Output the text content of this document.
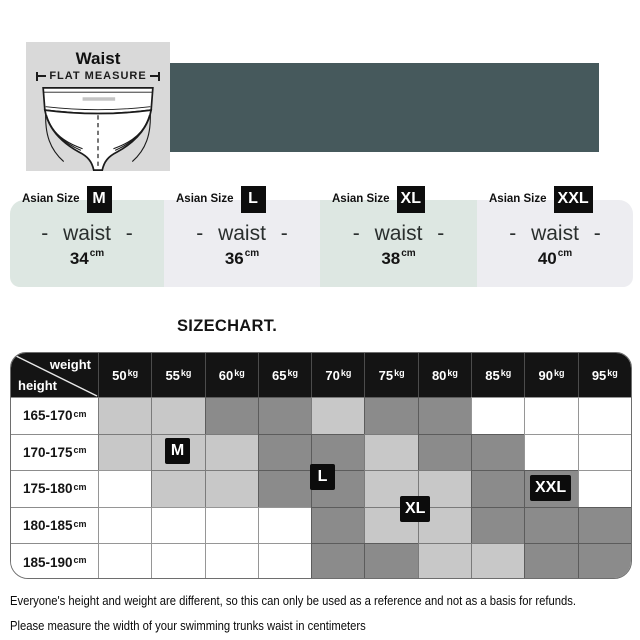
Waist
FLAT MEASURE
Asian Size M
- waist -
$34^{cm}$
Asian Size L
- waist -
$36^{cm}$
Asian Size XL
- waist -
$38^{cm}$
Asian Size XXL
- waist -
$40^{cm}$
SIZECHART.
weight
height
$50^{kg}$ $55^{kg}$ $60^{kg}$ $65^{kg}$ $70^{kg}$ $75^{kg}$ $80^{kg}$ $85^{kg}$ $90^{kg}$ $95^{kg}$
$165-170^{cm}$
$170-175^{cm}$
$175-180^{cm}$
$180-185^{cm}$
$185-190^{cm}$
M
L
XL
XXL
Everyone's height and weight are different, so this can only be used as a reference and not as a basis for refunds.
Please measure the width of your swimming trunks waist in centimeters
